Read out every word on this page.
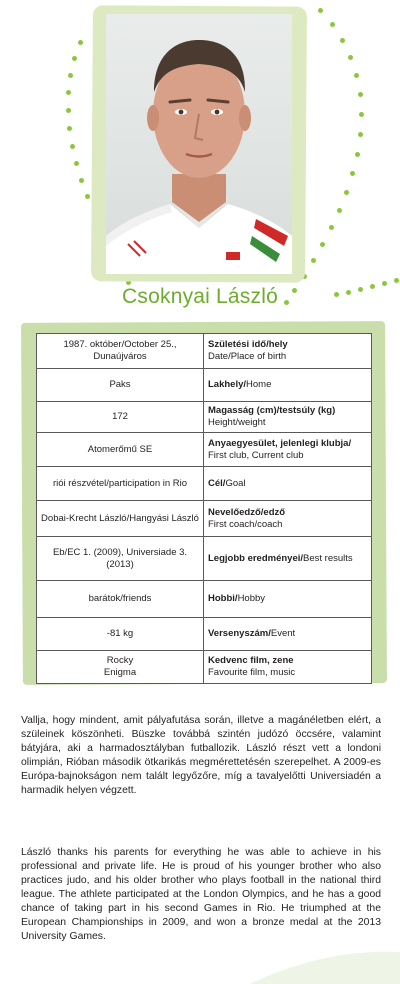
Csoknyai László
1987. október/October 25., Dunaújváros	Születési idő/hely
Date/Place of birth
Paks	Lakhely/Home
172	Magasság (cm)/testsúly (kg)
Height/weight
Atomerőmű SE	Anyaegyesület, jelenlegi klubja/
First club, Current club
riói részvétel/participation in Rio	Cél/Goal
Dobai-Krecht László/Hangyási László	Nevelőedző/edző
First coach/coach
Eb/EC 1. (2009), Universiade 3. (2013)	Legjobb eredményei/Best results
barátok/friends	Hobbi/Hobby
-81 kg	Versenyszám/Event
Rocky Enigma	Kedvenc film, zene
Favourite film, music
Vallja, hogy mindent, amit pályafutása során, illetve a magánéletben elért, a szüleinek köszönheti. Büszke továbbá szintén judózó öccsére, valamint bátyjára, aki a harmadosztályban futballozik. László részt vett a londoni olimpián, Rióban második ötkarikás megmérettetésén szerepelhet. A 2009-es Európa-bajnokságon nem talált legyőzőre, míg a tavalyelőtti Universiadén a harmadik helyen végzett.
László thanks his parents for everything he was able to achieve in his professional and private life. He is proud of his younger brother who also practices judo, and his older brother who plays football in the national third league. The athlete participated at the London Olympics, and he has a good chance of taking part in his second Games in Rio. He triumphed at the European Championships in 2009, and won a bronze medal at the 2013 University Games.
